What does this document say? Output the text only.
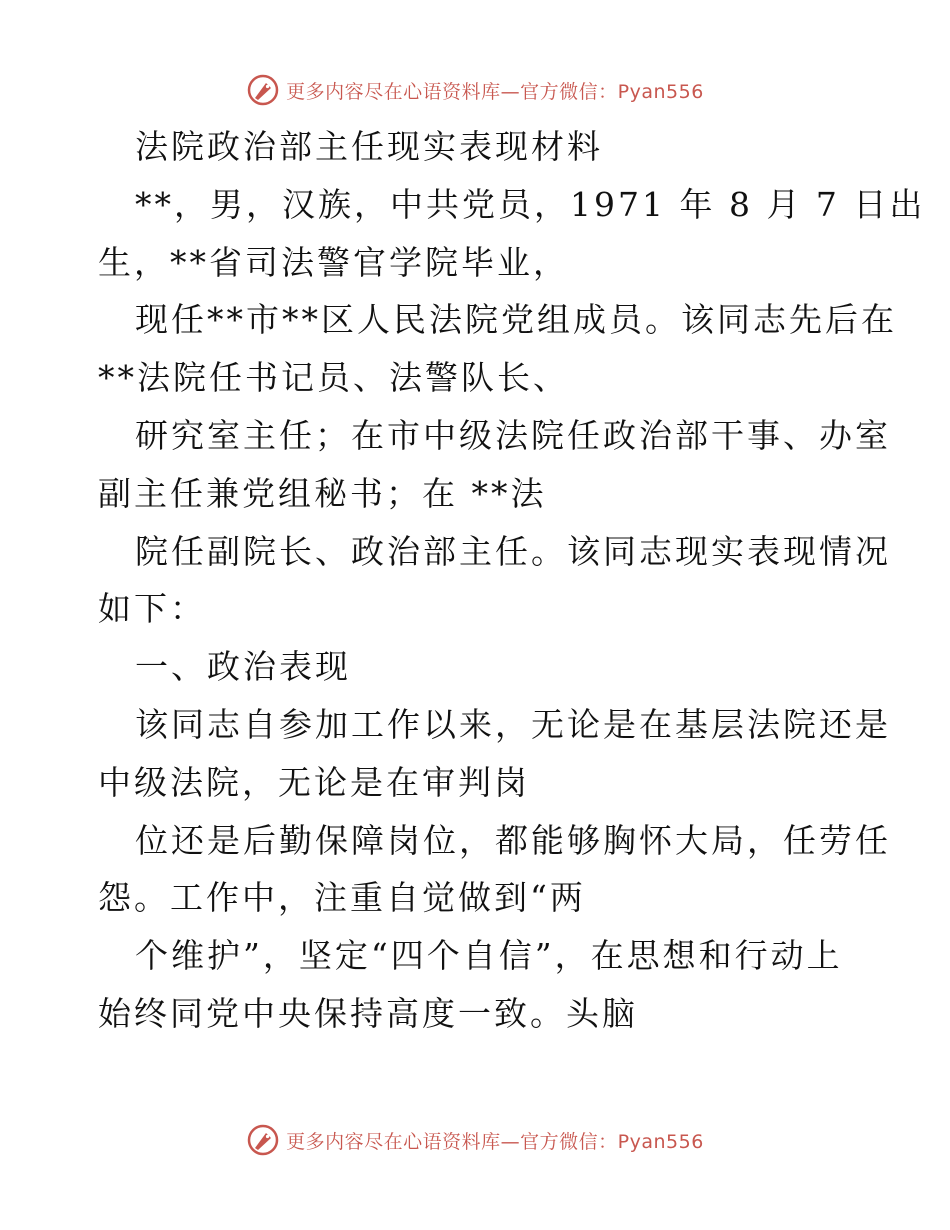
更多内容尽在心语资料库—官方微信：Pyan556
法院政治部主任现实表现材料
**，男，汉族，中共党员，1971 年 8 月 7 日出
生，**省司法警官学院毕业，
现任**市**区人民法院党组成员。该同志先后在
**法院任书记员、法警队长、
研究室主任；在市中级法院任政治部干事、办室
副主任兼党组秘书；在 **法
院任副院长、政治部主任。该同志现实表现情况
如下：
一、政治表现
该同志自参加工作以来，无论是在基层法院还是
中级法院，无论是在审判岗
位还是后勤保障岗位，都能够胸怀大局，任劳任
怨。工作中，注重自觉做到“两
个维护”，坚定“四个自信”，在思想和行动上
始终同党中央保持高度一致。头脑
更多内容尽在心语资料库—官方微信：Pyan556
